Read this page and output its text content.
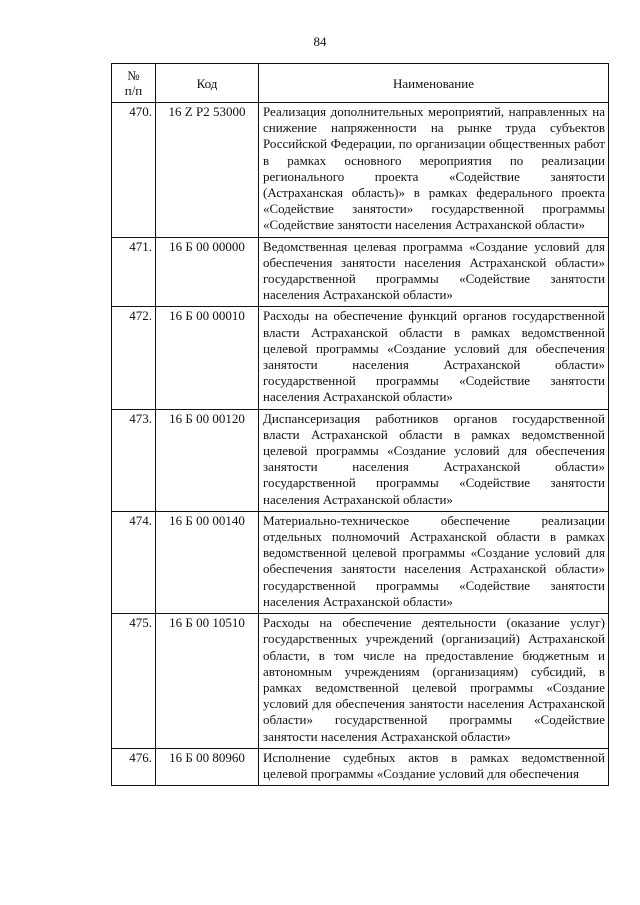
84
№
п/п	Код	Наименование
470.	16 Z P2 53000	Реализация дополнительных мероприятий, направленных на снижение напряженности на рынке труда субъектов Российской Федерации, по организации общественных работ в рамках основного мероприятия по реализации регионального проекта «Содействие занятости (Астраханская область)» в рамках федерального проекта «Содействие занятости» государственной программы «Содействие занятости населения Астраханской области»
471.	16 Б 00 00000	Ведомственная целевая программа «Создание условий для обеспечения занятости населения Астраханской области» государственной программы «Содействие занятости населения Астраханской области»
472.	16 Б 00 00010	Расходы на обеспечение функций органов государственной власти Астраханской области в рамках ведомственной целевой программы «Создание условий для обеспечения занятости населения Астраханской области» государственной программы «Содействие занятости населения Астраханской области»
473.	16 Б 00 00120	Диспансеризация работников органов государственной власти Астраханской области в рамках ведомственной целевой программы «Создание условий для обеспечения занятости населения Астраханской области» государственной программы «Содействие занятости населения Астраханской области»
474.	16 Б 00 00140	Материально-техническое обеспечение реализации отдельных полномочий Астраханской области в рамках ведомственной целевой программы «Создание условий для обеспечения занятости населения Астраханской области» государственной программы «Содействие занятости населения Астраханской области»
475.	16 Б 00 10510	Расходы на обеспечение деятельности (оказание услуг) государственных учреждений (организаций) Астраханской области, в том числе на предоставление бюджетным и автономным учреждениям (организациям) субсидий, в рамках ведомственной целевой программы «Создание условий для обеспечения занятости населения Астраханской области» государственной программы «Содействие занятости населения Астраханской области»
476.	16 Б 00 80960	Исполнение судебных актов в рамках ведомственной целевой программы «Создание условий для обеспечения
